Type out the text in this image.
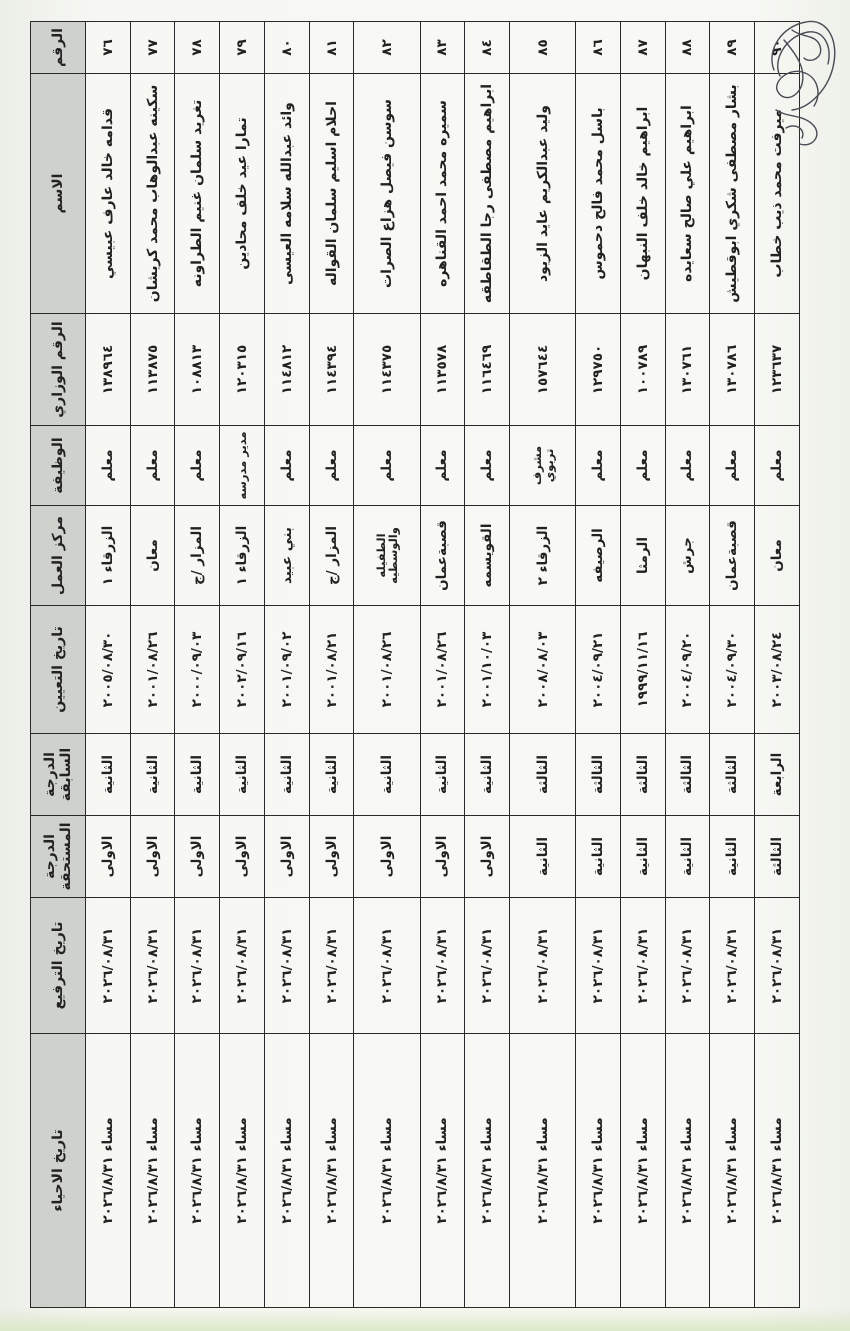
الرقم	الاسم	الرقم الوزاري	الوظيفة	مركز العمل	تاريخ التعيين	الدرجة السابقة	الدرجة المستحقة	تاريخ الترفيع	تاريخ الاحياء
٧٦	قدامه خالد عارف عبيسي	١٣٨٩٦٤	معلم	الزرقاء ١	٢٠٠٥/٠٨/٣٠	الثانية	الاولى	٢٠٢٦/٠٨/٣١	مساء ٢٠٢٦/٨/٣١
٧٧	سكينه عبدالوهاب محمد كريشان	١١٣٨٧٥	معلم	معان	٢٠٠١/٠٨/٢٦	الثانية	الاولى	٢٠٢٦/٠٨/٣١	مساء ٢٠٢٦/٨/٣١
٧٨	تغريد سلمان غنيم الطراونه	١٠٨٨١٣	معلم	المزار /ج	٢٠٠٠/٠٩/٠٣	الثانية	الاولى	٢٠٢٦/٠٨/٣١	مساء ٢٠٢٦/٨/٣١
٧٩	تمارا عيد خلف محادين	١٢٠٣١٥	مدير مدرسه	الزرقاء ١	٢٠٠٢/٠٩/١٦	الثانية	الاولى	٢٠٢٦/٠٨/٣١	مساء ٢٠٢٦/٨/٣١
٨٠	وائد عبدالله سلامه العيسى	١١٤٨١٢	معلم	بني عبيد	٢٠٠١/٠٩/٠٢	الثانية	الاولى	٢٠٢٦/٠٨/٣١	مساء ٢٠٢٦/٨/٣١
٨١	احلام اسليم سلمان القواله	١١٤٣٩٤	معلم	المزار /ج	٢٠٠١/٠٨/٢١	الثانية	الاولى	٢٠٢٦/٠٨/٣١	مساء ٢٠٢٦/٨/٣١
٨٢	سوسن فيصل هزاع الصرات	١١٤٣٧٥	معلم	الطفيله والوسطيه	٢٠٠١/٠٨/٢٦	الثانية	الاولى	٢٠٢٦/٠٨/٣١	مساء ٢٠٢٦/٨/٣١
٨٣	سميره محمد احمد القناهره	١١٣٥٧٨	معلم	قصبةعمان	٢٠٠١/٠٨/٢٦	الثانية	الاولى	٢٠٢٦/٠٨/٣١	مساء ٢٠٢٦/٨/٣١
٨٤	ابراهيم مصطفى رجا الطقاطقه	١١٦٤٦٩	معلم	القويسمه	٢٠٠١/١٠/٠٣	الثانية	الاولى	٢٠٢٦/٠٨/٣١	مساء ٢٠٢٦/٨/٣١
٨٥	وليد عبدالكريم عايد الزيود	١٥٧٦٤٤	مشرف تربوي	الزرقاء ٢	٢٠٠٨/٠٨/٠٣	الثالثة	الثانية	٢٠٢٦/٠٨/٣١	مساء ٢٠٢٦/٨/٣١
٨٦	باسل محمد فالح دحموس	١٢٩٧٥٠	معلم	الرصيفه	٢٠٠٤/٠٩/٢١	الثالثة	الثانية	٢٠٢٦/٠٨/٣١	مساء ٢٠٢٦/٨/٣١
٨٧	ابراهيم خالد خلف النبهان	١٠٠٧٨٩	معلم	الرمثا	١٩٩٩/١١/١٦	الثالثة	الثانية	٢٠٢٦/٠٨/٣١	مساء ٢٠٢٦/٨/٣١
٨٨	ابراهيم علي صالح سعايده	١٣٠٧٦١	معلم	جرش	٢٠٠٤/٠٩/٢٠	الثالثة	الثانية	٢٠٢٦/٠٨/٣١	مساء ٢٠٢٦/٨/٣١
٨٩	بشار مصطفى شكري ابوقطيش	١٣٠٧٨٦	معلم	قصبةعمان	٢٠٠٤/٠٩/٣٠	الثالثة	الثانية	٢٠٢٦/٠٨/٣١	مساء ٢٠٢٦/٨/٣١
٩٠	ميرفت محمد ذيب خطاب	١٢٣٦٣٧	معلم	معان	٢٠٠٣/٠٨/٢٤	الرابعة	الثالثة	٢٠٢٦/٠٨/٣١	مساء ٢٠٢٦/٨/٣١
